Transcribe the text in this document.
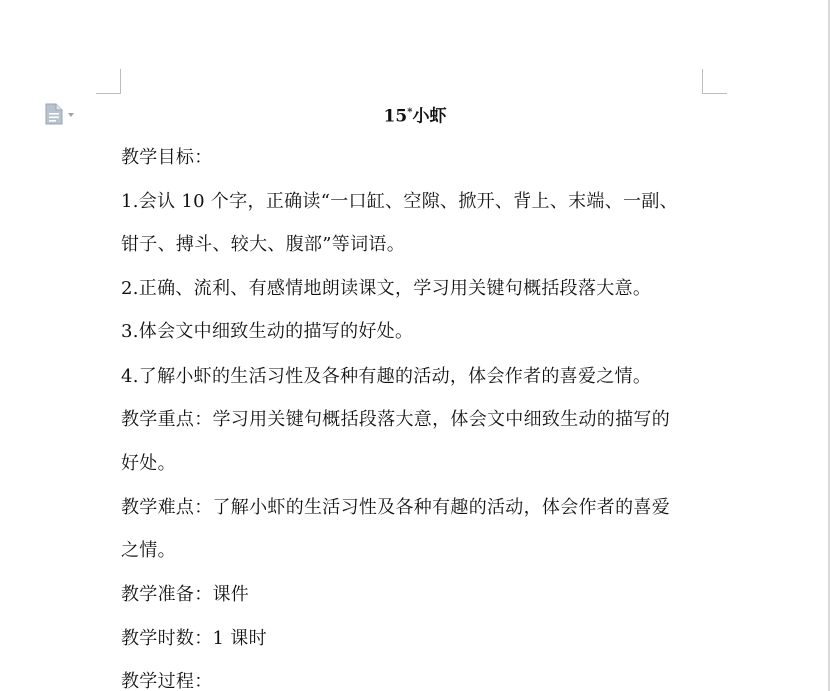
15*小虾
教学目标：
1.会认 10 个字，正确读“一口缸、空隙、掀开、背上、末端、一副、
钳子、搏斗、较大、腹部”等词语。
2.正确、流利、有感情地朗读课文，学习用关键句概括段落大意。
3.体会文中细致生动的描写的好处。
4.了解小虾的生活习性及各种有趣的活动，体会作者的喜爱之情。
教学重点：学习用关键句概括段落大意，体会文中细致生动的描写的
好处。
教学难点：了解小虾的生活习性及各种有趣的活动，体会作者的喜爱
之情。
教学准备：课件
教学时数：1 课时
教学过程：
